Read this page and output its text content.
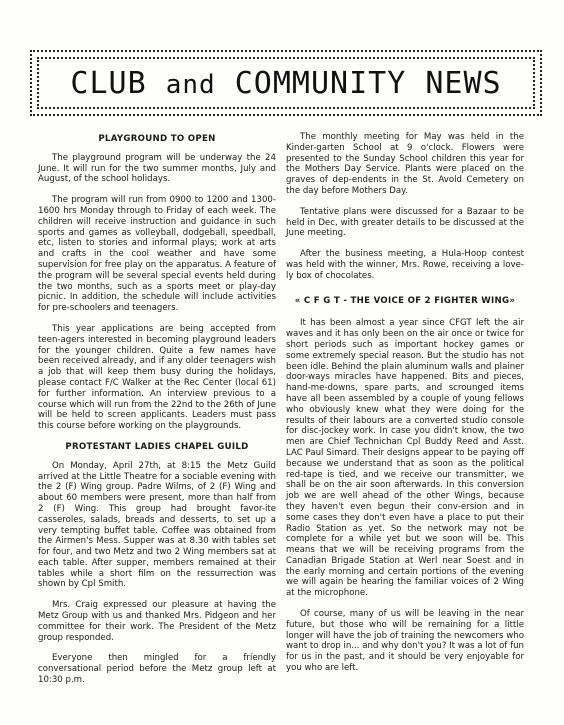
CLUB and COMMUNITY NEWS
PLAYGROUND TO OPEN

The playground program will be underway the 24 June. It will run for the two summer months, July and August, of the school holidays.

The program will run from 0900 to 1200 and 1300-1600 hrs Monday through to Friday of each week. The children will receive instruction and guidance in such sports and games as volleyball, dodgeball, speedball, etc, listen to stories and informal plays; work at arts and crafts in the cool weather and have some supervision for free play on the apparatus. A feature of the program will be several special events held during the two months, such as a sports meet or play-day picnic. In addition, the schedule will include activities for pre-schoolers and teenagers.

This year applications are being accepted from teen-agers interested in becoming playground leaders for the younger children. Quite a few names have been received already, and if any older teenagers wish a job that will keep them busy during the holidays, please contact F/C Walker at the Rec Center (local 61) for further information. An interview previous to a course which will run from the 22nd to the 26th of June will be held to screen applicants. Leaders must pass this course before working on the playgrounds.

PROTESTANT LADIES CHAPEL GUILD

On Monday, April 27th, at 8:15 the Metz Guild arrived at the Little Theatre for a sociable evening with the 2 (F) Wing group. Padre Wilms, of 2 (F) Wing and about 60 members were present, more than half from 2 (F) Wing. This group had brought favor-ite casseroles, salads, breads and desserts, to set up a very tempting buffet table. Coffee was obtained from the Airmen's Mess. Supper was at 8.30 with tables set for four, and two Metz and two 2 Wing members sat at each table. After supper, members remained at their tables while a short film on the ressurrection was shown by Cpl Smith.

Mrs. Craig expressed our pleasure at having the Metz Group with us and thanked Mrs. Pidgeon and her committee for their work. The President of the Metz group responded.

Everyone then mingled for a friendly conversational period before the Metz group left at 10:30 p.m.

The monthly meeting for May was held in the Kinder-garten School at 9 o'clock. Flowers were presented to the Sunday School children this year for the Mothers Day Service. Plants were placed on the graves of dep-endents in the St. Avold Cemetery on the day before Mothers Day.

Tentative plans were discussed for a Bazaar to be held in Dec, with greater details to be discussed at the June meeting.

After the business meeting, a Hula-Hoop contest was held with the winner, Mrs. Rowe, receiving a love-ly box of chocolates.

« C F G T - THE VOICE OF 2 FIGHTER WING»

It has been almost a year since CFGT left the air waves and it has only been on the air once or twice for short periods such as important hockey games or some extremely special reason. But the studio has not been idle. Behind the plain aluminum walls and plainer door-ways miracles have happened. Bits and pieces, hand-me-downs, spare parts, and scrounged items have all been assembled by a couple of young fellows who obviously knew what they were doing for the results of their labours are a converted studio console for disc-jockey work. In case you didn't know, the two men are Chief Technichan Cpl Buddy Reed and Asst. LAC Paul Simard. Their designs appear to be paying off because we understand that as soon as the political red-tape is tied, and we receive our transmitter, we shall be on the air soon afterwards. In this conversion job we are well ahead of the other Wings, because they haven't even begun their conv-ersion and in some cases they don't even have a place to put their Radio Station as yet. So the network may not be complete for a while yet but we soon will be. This means that we will be receiving programs from the Canadian Brigade Station at Werl near Soest and in the early morning and certain portions of the evening we will again be hearing the familiar voices of 2 Wing at the microphone.

Of course, many of us will be leaving in the near future, but those who will be remaining for a little longer will have the job of training the newcomers who want to drop in... and why don't you? It was a lot of fun for us in the past, and it should be very enjoyable for you who are left.
